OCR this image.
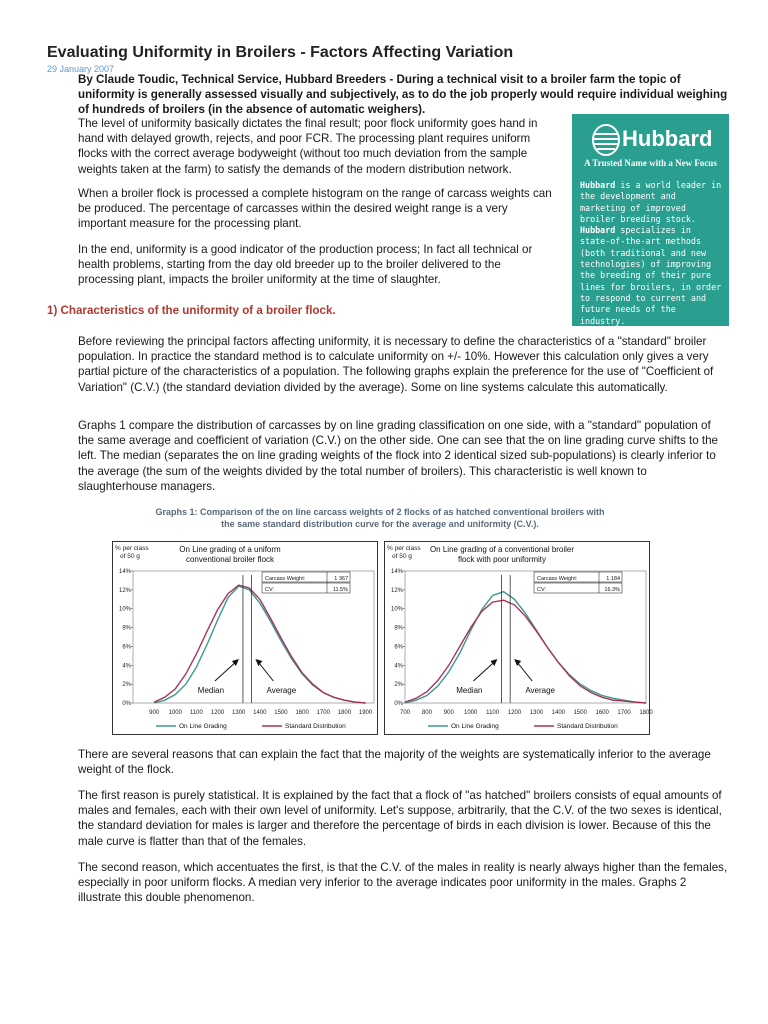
Evaluating Uniformity in Broilers - Factors Affecting Variation
29 January 2007

By Claude Toudic, Technical Service, Hubbard Breeders - During a technical visit to a broiler farm the topic of uniformity is generally assessed visually and subjectively, as to do the job properly would require individual weighing of hundreds of broilers (in the absence of automatic weighers).

The level of uniformity basically dictates the final result; poor flock uniformity goes hand in hand with delayed growth, rejects, and poor FCR. The processing plant requires uniform flocks with the correct average bodyweight (without too much deviation from the sample weights taken at the farm) to satisfy the demands of the modern distribution network.

When a broiler flock is processed a complete histogram on the range of carcass weights can be produced. The percentage of carcasses within the desired weight range is a very important measure for the processing plant.

In the end, uniformity is a good indicator of the production process; In fact all technical or health problems, starting from the day old breeder up to the broiler delivered to the processing plant, impacts the broiler uniformity at the time of slaughter.

Hubbard
A Trusted Name with a New Focus
Hubbard is a world leader in the development and marketing of improved broiler breeding stock.
Hubbard specializes in state-of-the-art methods (both traditional and new technologies) of improving the breeding of their pure lines for broilers, in order to respond to current and future needs of the industry.
1) Characteristics of the uniformity of a broiler flock.

Before reviewing the principal factors affecting uniformity, it is necessary to define the characteristics of a "standard" broiler population. In practice the standard method is to calculate uniformity on +/- 10%. However this calculation only gives a very partial picture of the characteristics of a population. The following graphs explain the preference for the use of "Coefficient of Variation" (C.V.) (the standard deviation divided by the average). Some on line systems calculate this automatically.

Graphs 1 compare the distribution of carcasses by on line grading classification on one side, with a "standard" population of the same average and coefficient of variation (C.V.) on the other side. One can see that the on line grading curve shifts to the left. The median (separates the on line grading weights of the flock into 2 identical sized sub-populations) is clearly inferior to the average (the sum of the weights divided by the total number of broilers). This characteristic is well known to slaughterhouse managers.

Graphs 1: Comparison of the on line carcass weights of 2 flocks of as hatched conventional broilers with the same standard distribution curve for the average and uniformity (C.V.).
% per class
of 50 g
On Line grading of a uniform
conventional broiler flock
0%
2%
4%
6%
8%
10%
12%
14%
900 1000 1100 1200 1300 1400 1500 1600 1700 1800 1900
Carcass Weight:	1 367
CV:	11.5%
Median	Average
On Line Grading	Standard Distribution
% per class
of 50 g
On Line grading of a conventional broiler
flock with poor uniformity
0%
2%
4%
6%
8%
10%
12%
14%
700 800 900 1000 1100 1200 1300 1400 1500 1600 1700 1800
Carcass Weight:	1 184
CV:	16.3%
Median	Average
On Line Grading	Standard Distribution

There are several reasons that can explain the fact that the majority of the weights are systematically inferior to the average weight of the flock.

The first reason is purely statistical. It is explained by the fact that a flock of "as hatched" broilers consists of equal amounts of males and females, each with their own level of uniformity. Let's suppose, arbitrarily, that the C.V. of the two sexes is identical, the standard deviation for males is larger and therefore the percentage of birds in each division is lower. Because of this the male curve is flatter than that of the females.

The second reason, which accentuates the first, is that the C.V. of the males in reality is nearly always higher than the females, especially in poor uniform flocks. A median very inferior to the average indicates poor uniformity in the males. Graphs 2 illustrate this double phenomenon.
